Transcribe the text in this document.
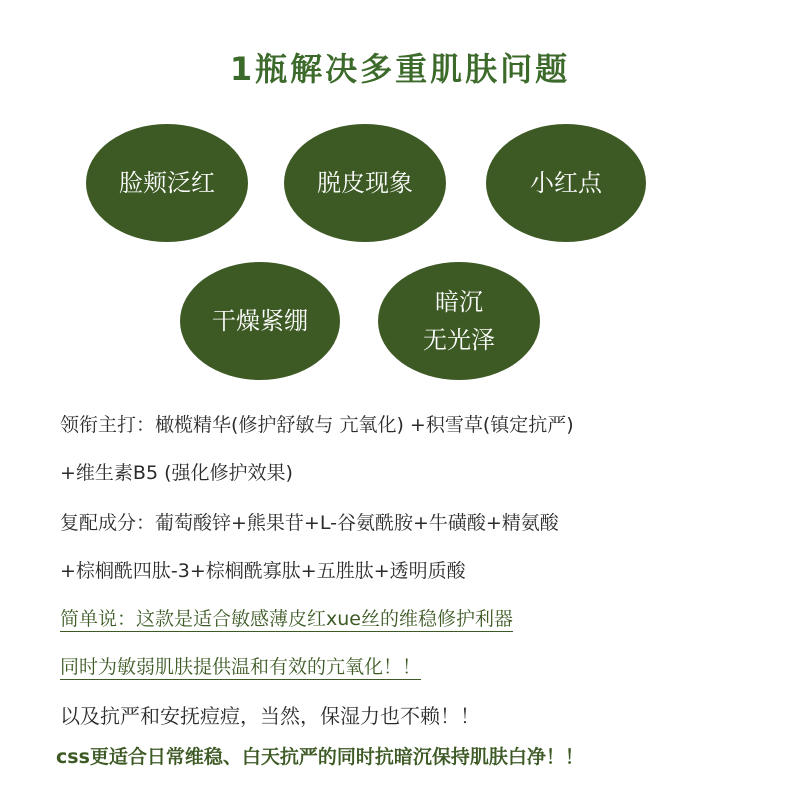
1瓶解决多重肌肤问题
脸颊泛红	脱皮现象	小红点
干燥紧绷
暗沉
无光泽
领衔主打：橄榄精华(修护舒敏与 亢氧化) +积雪草(镇定抗严)
+维生素B5 (强化修护效果)
复配成分：葡萄酸锌+熊果苷+L-谷氨酰胺+牛磺酸+精氨酸
+棕榈酰四肽-3+棕榈酰寡肽+五胜肽+透明质酸
简单说：这款是适合敏感薄皮红xue丝的维稳修护利器
同时为敏弱肌肤提供温和有效的亢氧化！！
以及抗严和安抚痘痘，当然，保湿力也不赖！！
css更适合日常维稳、白天抗严的同时抗暗沉保持肌肤白净！！
